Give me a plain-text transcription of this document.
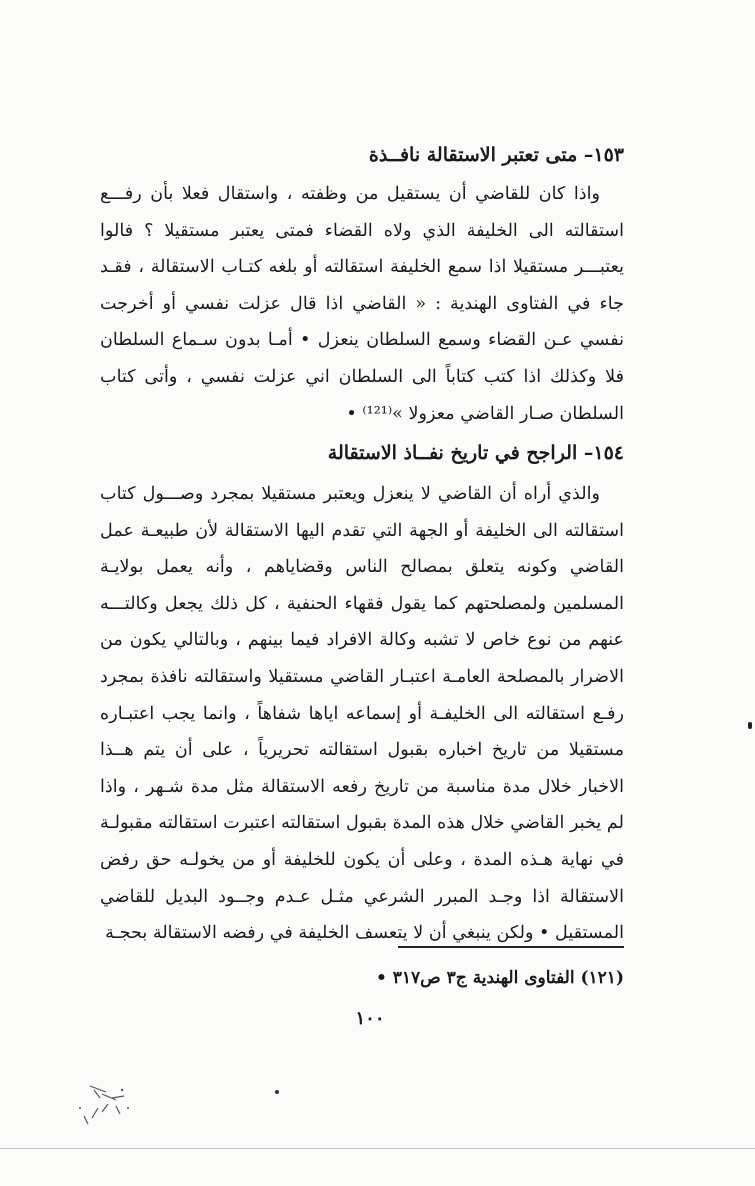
١٥٣– متى تعتبر الاستقالة نافــذة

واذا كان للقاضي أن يستقيل من وظفته ، واستقال فعلا بأن رفـــع استقالته الى الخليفة الذي ولاه القضاء فمتى يعتبر مستقيلا ؟ فالوا يعتبـــر مستقيلا اذا سمع الخليفة استقالته أو بلغه كتـاب الاستقالة ، فقـد جاء في الفتاوى الهندية : « القاضي اذا قال عزلت نفسي أو أخرجت نفسي عـن القضاء وسمع السلطان ينعزل • أمـا بدون سـماع السلطان فلا وكذلك اذا كتب كتاباً الى السلطان اني عزلت نفسي ، وأتى كتاب السلطان صـار القاضي معزولا »⁽¹²¹⁾ •

١٥٤– الراجح في تاريخ نفــاذ الاستقالة

والذي أراه أن القاضي لا ينعزل ويعتبر مستقيلا بمجرد وصـــول كتاب استقالته الى الخليفة أو الجهة التي تقدم اليها الاستقالة لأن طبيعـة عمل القاضي وكونه يتعلق بمصالح الناس وقضاياهم ، وأنه يعمل بولايـة المسلمين ولمصلحتهم كما يقول فقهاء الحنفية ، كل ذلك يجعل وكالتـــه عنهم من نوع خاص لا تشبه وكالة الافراد فيما بينهم ، وبالتالي يكون من الاضرار بالمصلحة العامـة اعتبـار القاضي مستقيلا واستقالته نافذة بمجرد رفـع استقالته الى الخليفـة أو إسماعه اياها شفاهاً ، وانما يجب اعتبـاره مستقيلا من تاريخ اخباره بقبول استقالته تحريرياً ، على أن يتم هــذا الاخبار خلال مدة مناسبة من تاريخ رفعه الاستقالة مثل مدة شـهر ، واذا لم يخبر القاضي خلال هذه المدة بقبول استقالته اعتبرت استقالته مقبولـة في نهاية هـذه المدة ، وعلى أن يكون للخليفة أو من يخولـه حق رفض الاستقالة اذا وجـد المبرر الشرعي مثـل عـدم وجــود البديل للقاضي المستقيل • ولكن ينبغي أن لا يتعسف الخليفة في رفضه الاستقالة بحجـة

(١٢١) الفتاوى الهندية ج٣ ص٣١٧ •
١٠٠
